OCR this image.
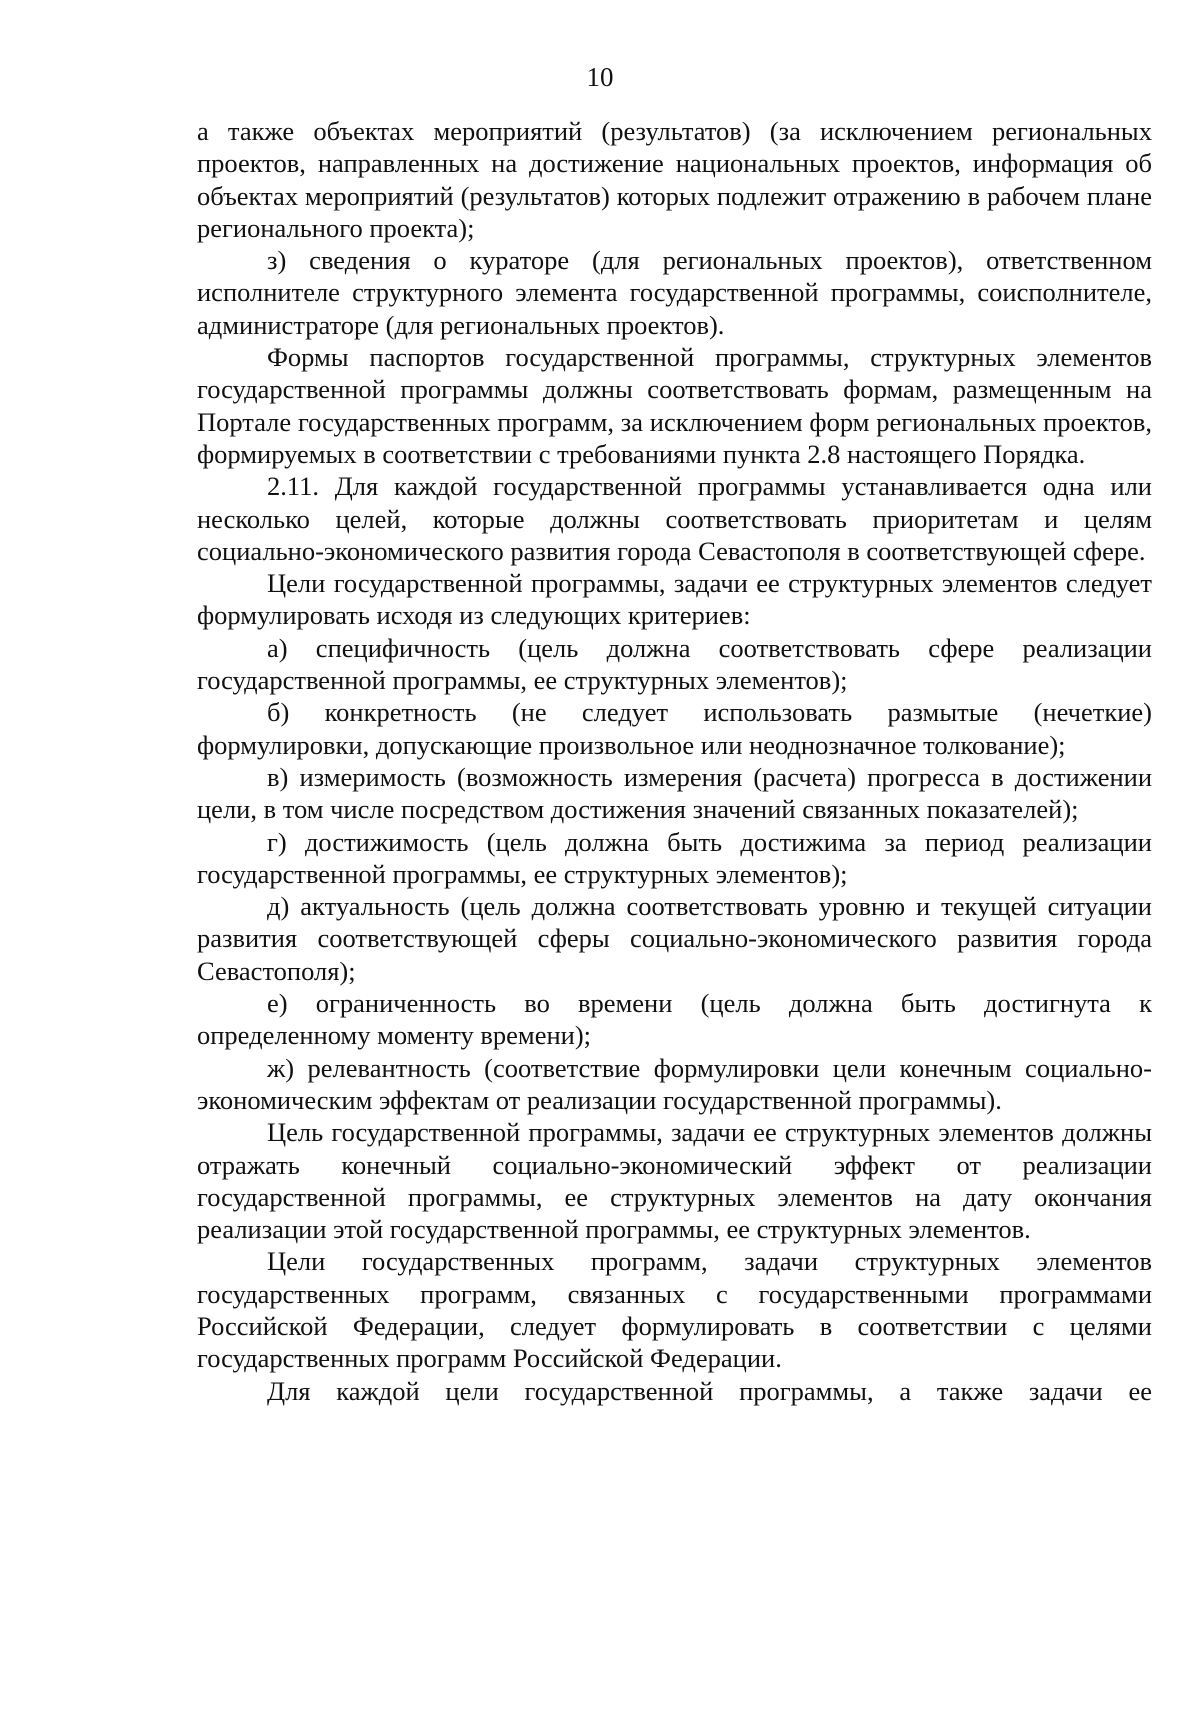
10

а также объектах мероприятий (результатов) (за исключением региональных проектов, направленных на достижение национальных проектов, информация об объектах мероприятий (результатов) которых подлежит отражению в рабочем плане регионального проекта);

з) сведения о кураторе (для региональных проектов), ответственном исполнителе структурного элемента государственной программы, соисполнителе, администраторе (для региональных проектов).

Формы паспортов государственной программы, структурных элементов государственной программы должны соответствовать формам, размещенным на Портале государственных программ, за исключением форм региональных проектов, формируемых в соответствии с требованиями пункта 2.8 настоящего Порядка.

2.11. Для каждой государственной программы устанавливается одна или несколько целей, которые должны соответствовать приоритетам и целям социально-экономического развития города Севастополя в соответствующей сфере.

Цели государственной программы, задачи ее структурных элементов следует формулировать исходя из следующих критериев:

а) специфичность (цель должна соответствовать сфере реализации государственной программы, ее структурных элементов);

б) конкретность (не следует использовать размытые (нечеткие) формулировки, допускающие произвольное или неоднозначное толкование);

в) измеримость (возможность измерения (расчета) прогресса в достижении цели, в том числе посредством достижения значений связанных показателей);

г) достижимость (цель должна быть достижима за период реализации государственной программы, ее структурных элементов);

д) актуальность (цель должна соответствовать уровню и текущей ситуации развития соответствующей сферы социально-экономического развития города Севастополя);

е) ограниченность во времени (цель должна быть достигнута к определенному моменту времени);

ж) релевантность (соответствие формулировки цели конечным социально-экономическим эффектам от реализации государственной программы).

Цель государственной программы, задачи ее структурных элементов должны отражать конечный социально-экономический эффект от реализации государственной программы, ее структурных элементов на дату окончания реализации этой государственной программы, ее структурных элементов.

Цели государственных программ, задачи структурных элементов государственных программ, связанных с государственными программами Российской Федерации, следует формулировать в соответствии с целями государственных программ Российской Федерации.

Для каждой цели государственной программы, а также задачи ее
